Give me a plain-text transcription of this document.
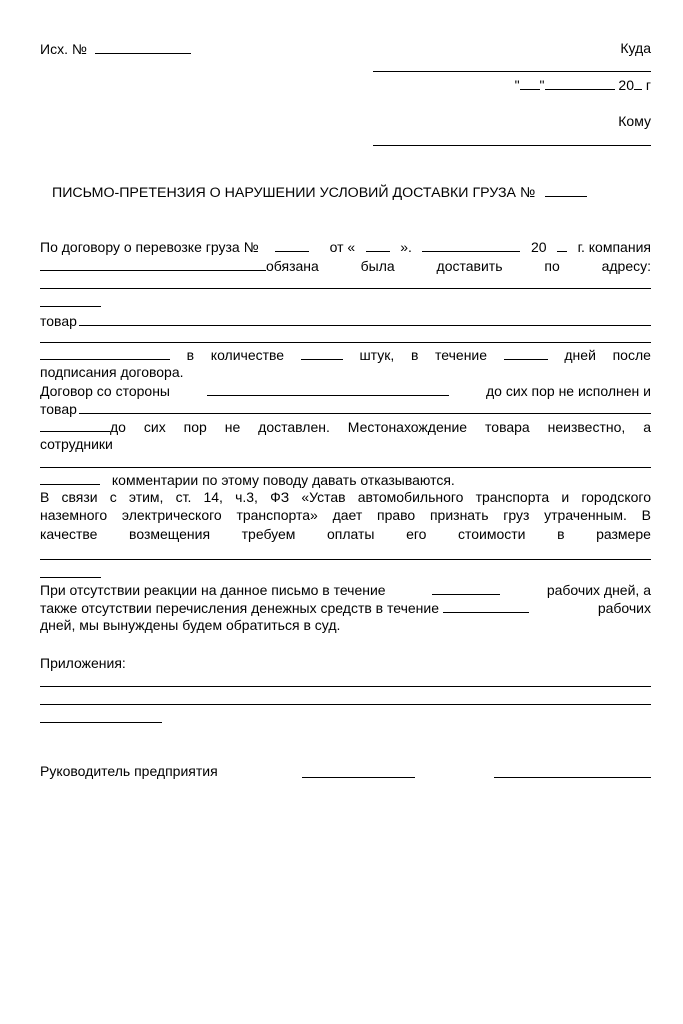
Исх. №	Куда
" "	20 г
Кому
ПИСЬМО-ПРЕТЕНЗИЯ О НАРУШЕНИИ УСЛОВИЙ ДОСТАВКИ ГРУЗА №
По договору о перевозке груза №	от «	».	20 г. компания
обязана	была	доставить	по	адресу:
товар
в количестве	штук, в течение	дней после
подписания договора.
Договор со стороны	до сих пор не исполнен и
товар
до сих пор не доставлен. Местонахождение товара неизвестно, а
сотрудники
комментарии по этому поводу давать отказываются.
В связи с этим, ст. 14, ч.3, ФЗ «Устав автомобильного транспорта и городского
наземного электрического транспорта» дает право признать груз утраченным. В
качестве возмещения требуем оплаты его стоимости в размере
При отсутствии реакции на данное письмо в течение	рабочих дней, а
также отсутствии перечисления денежных средств в течение	рабочих
дней, мы вынуждены будем обратиться в суд.
Приложения:
Руководитель предприятия
